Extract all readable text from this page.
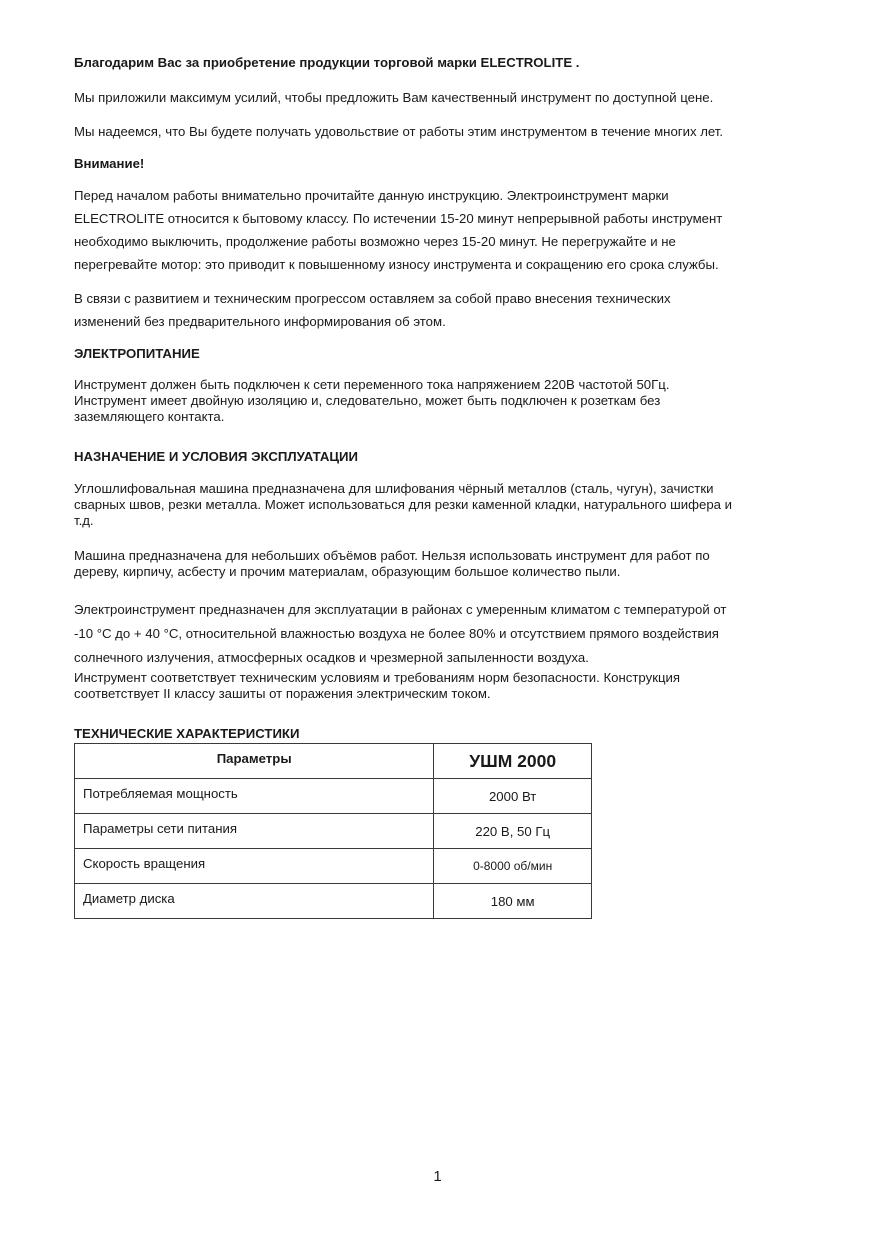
Благодарим Вас за приобретение продукции торговой марки ELECTROLITE .
Мы приложили максимум усилий, чтобы предложить Вам качественный инструмент по доступной цене.
Мы надеемся, что Вы будете получать удовольствие от работы этим инструментом в течение многих лет.
Внимание!
Перед началом работы внимательно прочитайте данную инструкцию. Электроинструмент марки
ELECTROLITE относится к бытовому классу. По истечении 15-20 минут непрерывной работы инструмент
необходимо выключить, продолжение работы возможно через 15-20 минут. Не перегружайте и не
перегревайте мотор: это приводит к повышенному износу инструмента и сокращению его срока службы.
В связи с развитием и техническим прогрессом оставляем за собой право внесения технических
изменений без предварительного информирования об этом.
ЭЛЕКТРОПИТАНИЕ
Инструмент должен быть подключен к сети переменного тока напряжением 220В частотой 50Гц.
Инструмент имеет двойную изоляцию и, следовательно, может быть подключен к розеткам без
заземляющего контакта.
НАЗНАЧЕНИЕ И УСЛОВИЯ ЭКСПЛУАТАЦИИ
Углошлифовальная машина предназначена для шлифования чёрный металлов (сталь, чугун), зачистки
сварных швов, резки металла. Может использоваться для резки каменной кладки, натурального шифера и
т.д.
Машина предназначена для небольших объёмов работ. Нельзя использовать инструмент для работ по
дереву, кирпичу, асбесту и прочим материалам, образующим большое количество пыли.
Электроинструмент предназначен для эксплуатации в районах с умеренным климатом с температурой от
-10 °С до + 40 °С, относительной влажностью воздуха не более 80% и отсутствием прямого воздействия
солнечного излучения, атмосферных осадков и чрезмерной запыленности воздуха.
Инструмент соответствует техническим условиям и требованиям норм безопасности. Конструкция
соответствует II классу зашиты от поражения электрическим током.
ТЕХНИЧЕСКИЕ ХАРАКТЕРИСТИКИ
Параметры	УШМ 2000
Потребляемая мощность	2000 Вт
Параметры сети питания	220 В, 50 Гц
Скорость вращения	0-8000 об/мин
Диаметр диска	180 мм
1
